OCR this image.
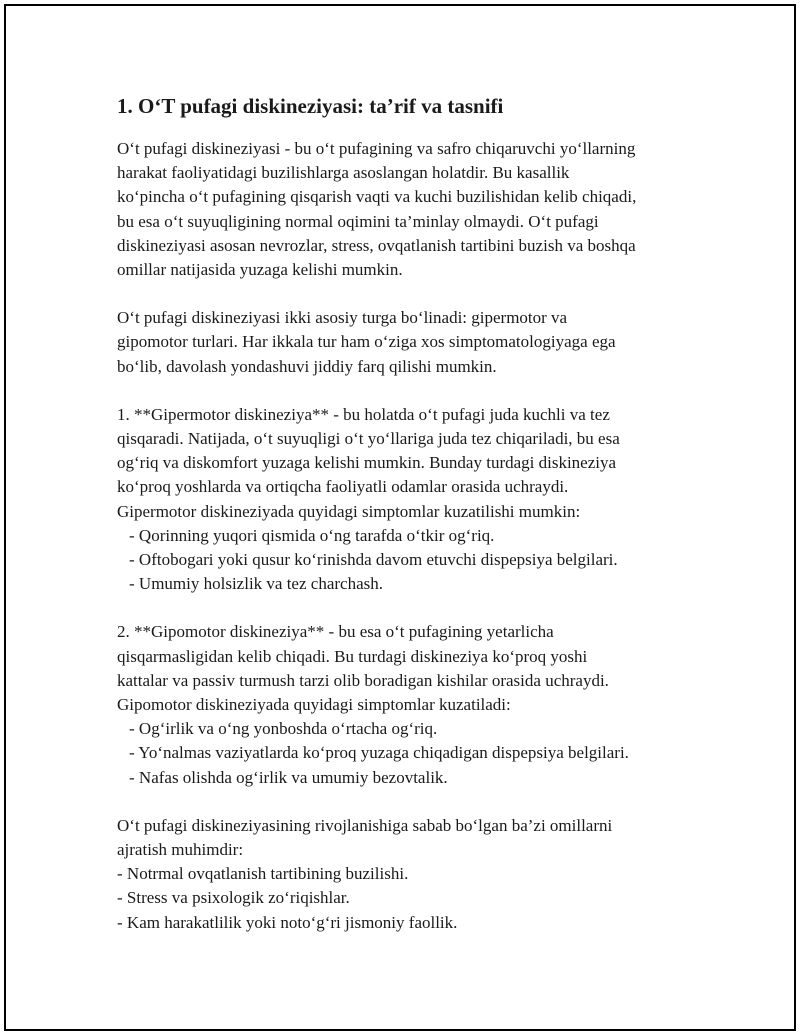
1. O‘T pufagi diskineziyasi: ta’rif va tasnifi
O‘t pufagi diskineziyasi - bu o‘t pufagining va safro chiqaruvchi yo‘llarning
harakat faoliyatidagi buzilishlarga asoslangan holatdir. Bu kasallik
ko‘pincha o‘t pufagining qisqarish vaqti va kuchi buzilishidan kelib chiqadi,
bu esa o‘t suyuqligining normal oqimini ta’minlay olmaydi. O‘t pufagi
diskineziyasi asosan nevrozlar, stress, ovqatlanish tartibini buzish va boshqa
omillar natijasida yuzaga kelishi mumkin.
O‘t pufagi diskineziyasi ikki asosiy turga bo‘linadi: gipermotor va
gipomotor turlari. Har ikkala tur ham o‘ziga xos simptomatologiyaga ega
bo‘lib, davolash yondashuvi jiddiy farq qilishi mumkin.
1. **Gipermotor diskineziya** - bu holatda o‘t pufagi juda kuchli va tez
qisqaradi. Natijada, o‘t suyuqligi o‘t yo‘llariga juda tez chiqariladi, bu esa
og‘riq va diskomfort yuzaga kelishi mumkin. Bunday turdagi diskineziya
ko‘proq yoshlarda va ortiqcha faoliyatli odamlar orasida uchraydi.
Gipermotor diskineziyada quyidagi simptomlar kuzatilishi mumkin:
- Qorinning yuqori qismida o‘ng tarafda o‘tkir og‘riq.
- Oftobogari yoki qusur ko‘rinishda davom etuvchi dispepsiya belgilari.
- Umumiy holsizlik va tez charchash.
2. **Gipomotor diskineziya** - bu esa o‘t pufagining yetarlicha
qisqarmasligidan kelib chiqadi. Bu turdagi diskineziya ko‘proq yoshi
kattalar va passiv turmush tarzi olib boradigan kishilar orasida uchraydi.
Gipomotor diskineziyada quyidagi simptomlar kuzatiladi:
- Og‘irlik va o‘ng yonboshda o‘rtacha og‘riq.
- Yo‘nalmas vaziyatlarda ko‘proq yuzaga chiqadigan dispepsiya belgilari.
- Nafas olishda og‘irlik va umumiy bezovtalik.
O‘t pufagi diskineziyasining rivojlanishiga sabab bo‘lgan ba’zi omillarni
ajratish muhimdir:
- Notrmal ovqatlanish tartibining buzilishi.
- Stress va psixologik zo‘riqishlar.
- Kam harakatlilik yoki noto‘g‘ri jismoniy faollik.
